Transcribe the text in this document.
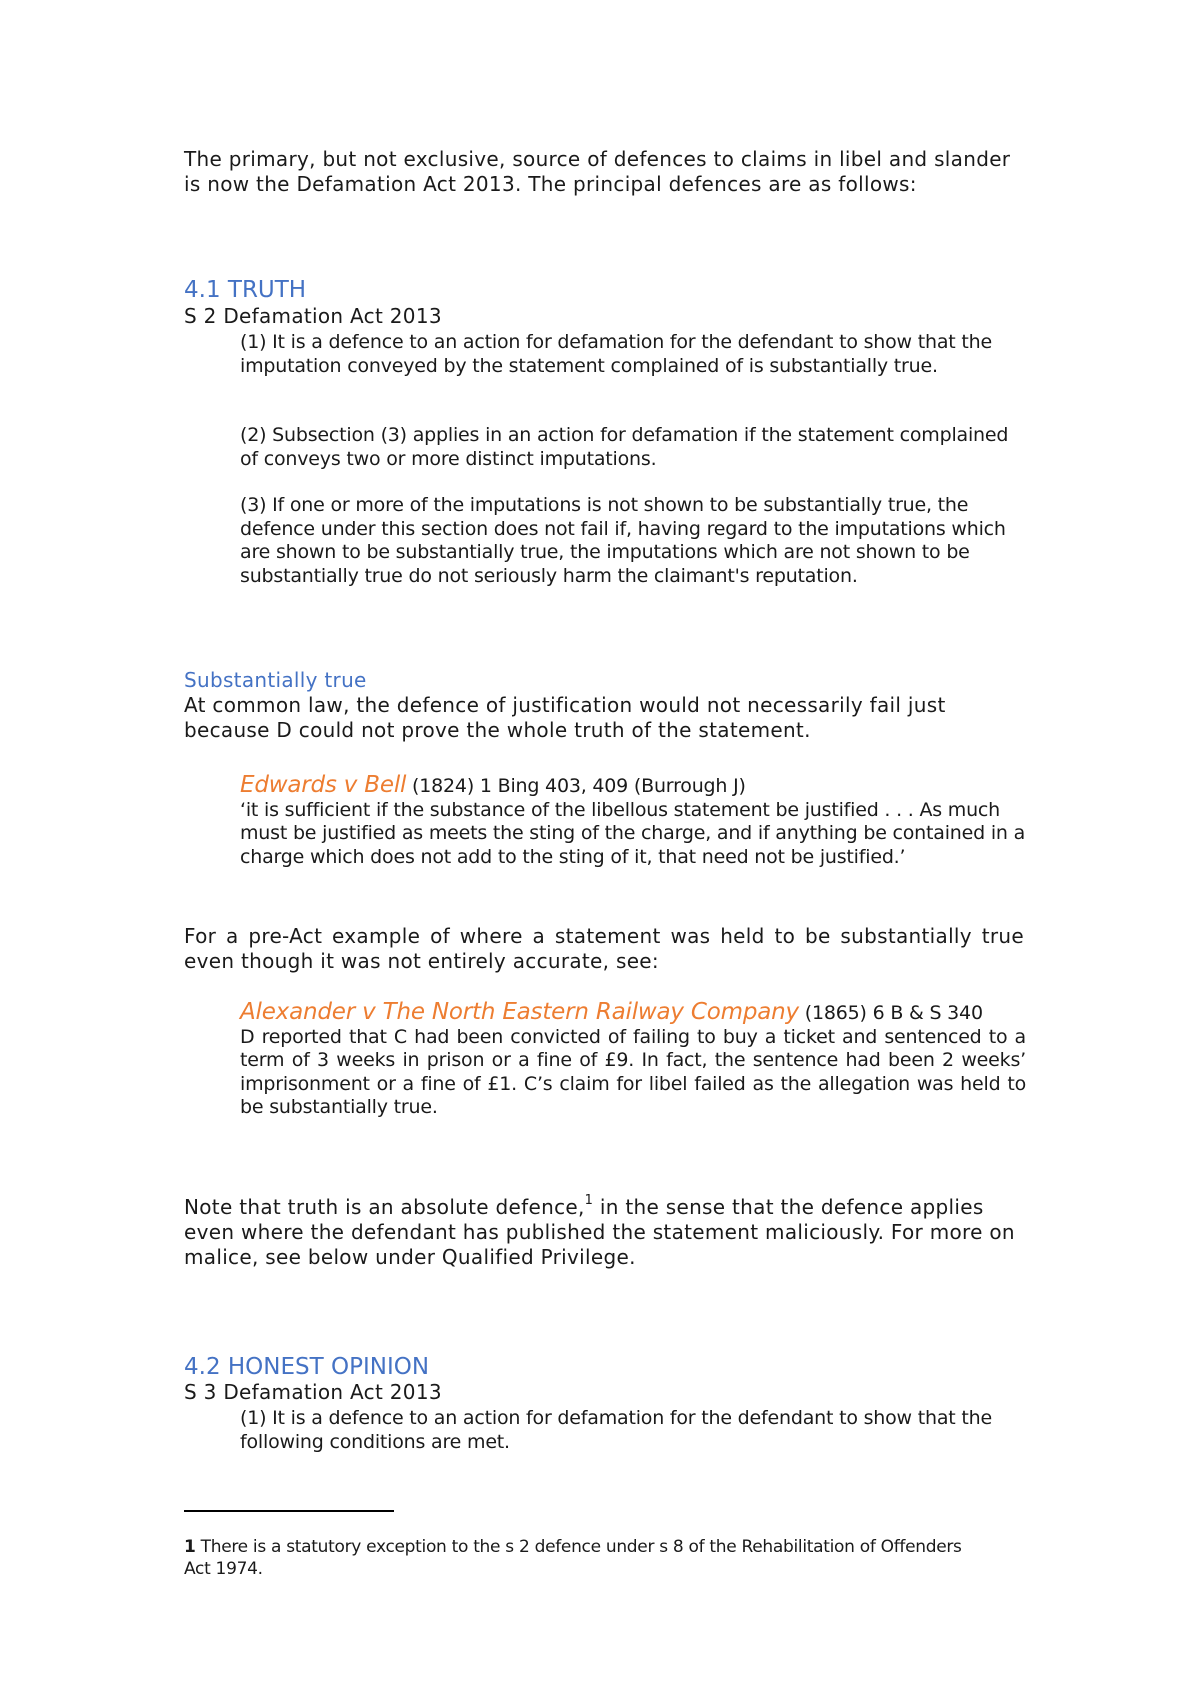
The primary, but not exclusive, source of defences to claims in libel and slander is now the Defamation Act 2013. The principal defences are as follows:

4.1 TRUTH

S 2 Defamation Act 2013

(1) It is a defence to an action for defamation for the defendant to show that the imputation conveyed by the statement complained of is substantially true.

(2) Subsection (3) applies in an action for defamation if the statement complained of conveys two or more distinct imputations.

(3) If one or more of the imputations is not shown to be substantially true, the defence under this section does not fail if, having regard to the imputations which are shown to be substantially true, the imputations which are not shown to be substantially true do not seriously harm the claimant's reputation.

Substantially true

At common law, the defence of justification would not necessarily fail just because D could not prove the whole truth of the statement.

Edwards v Bell (1824) 1 Bing 403, 409 (Burrough J)
‘it is sufficient if the substance of the libellous statement be justified . . . As much must be justified as meets the sting of the charge, and if anything be contained in a charge which does not add to the sting of it, that need not be justified.’

For a pre-Act example of where a statement was held to be substantially true even though it was not entirely accurate, see:

Alexander v The North Eastern Railway Company (1865) 6 B & S 340
D reported that C had been convicted of failing to buy a ticket and sentenced to a term of 3 weeks in prison or a fine of £9. In fact, the sentence had been 2 weeks’ imprisonment or a fine of £1. C’s claim for libel failed as the allegation was held to be substantially true.

Note that truth is an absolute defence,$^1$ in the sense that the defence applies even where the defendant has published the statement maliciously. For more on malice, see below under Qualified Privilege.

4.2 HONEST OPINION

S 3 Defamation Act 2013

(1) It is a defence to an action for defamation for the defendant to show that the following conditions are met.

1 There is a statutory exception to the s 2 defence under s 8 of the Rehabilitation of Offenders Act 1974.
